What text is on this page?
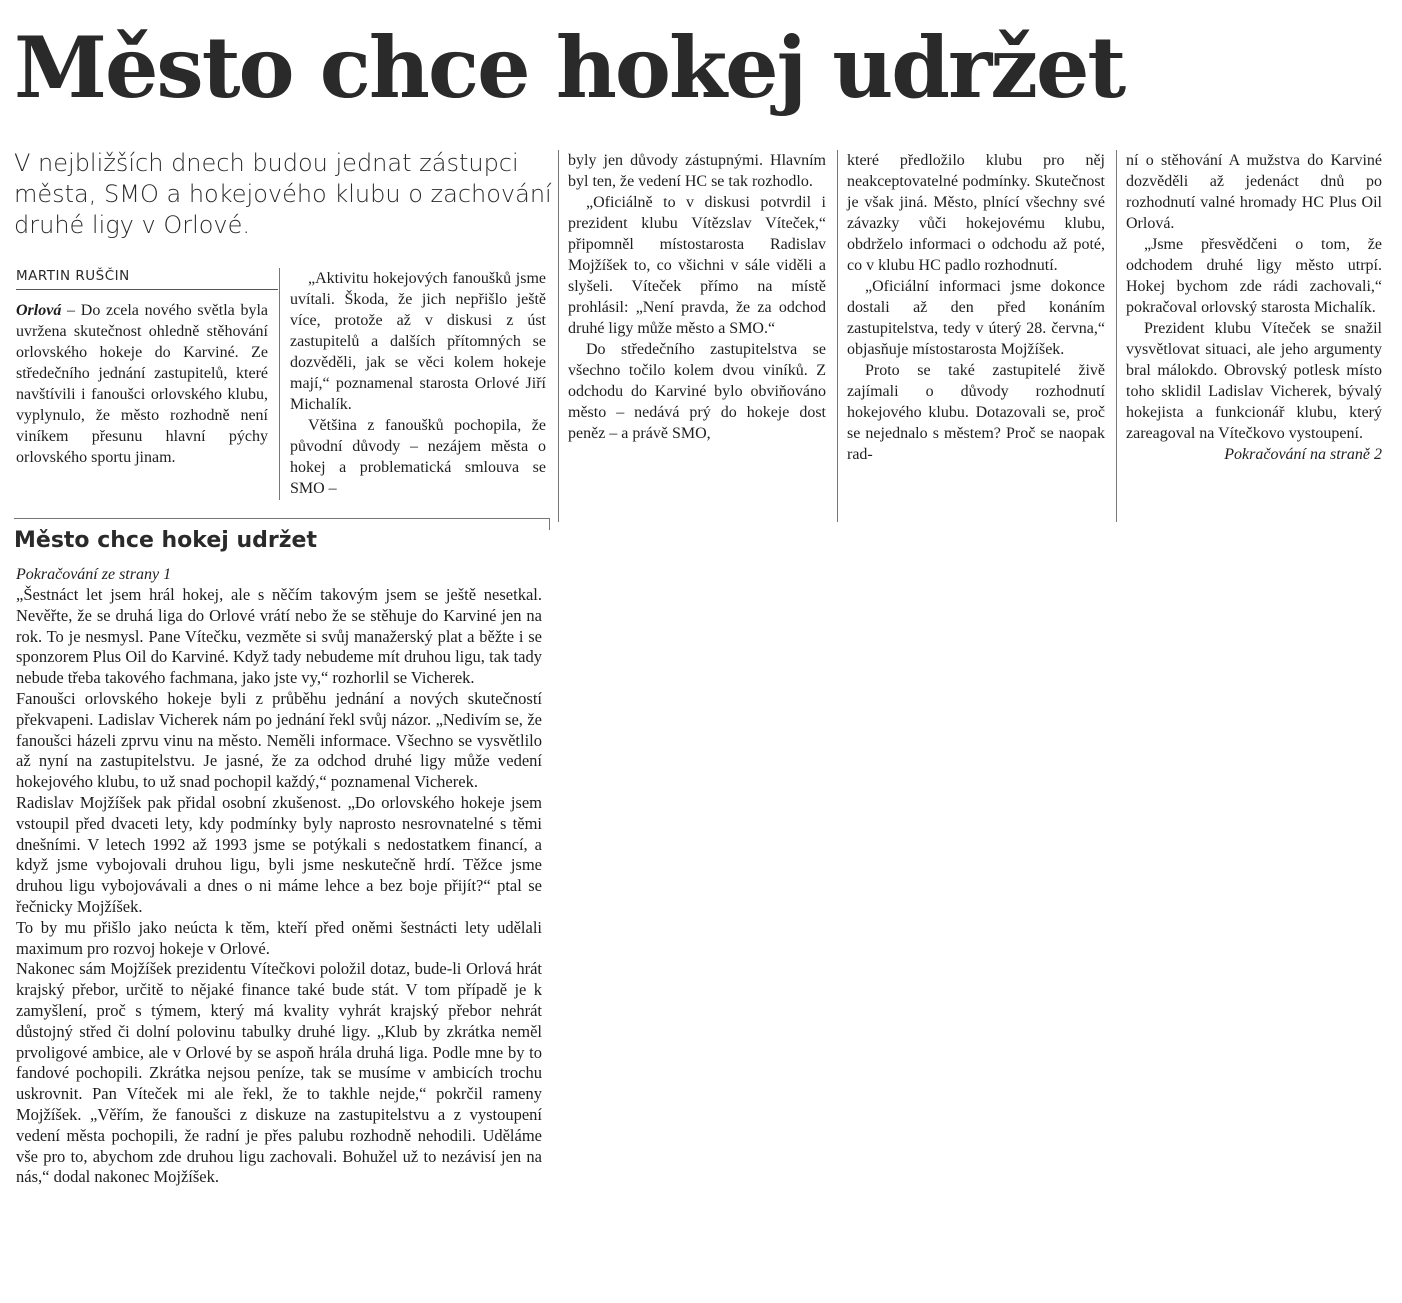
Město chce hokej udržet
V nejbližších dnech budou jednat zástupci města, SMO a hokejového klubu o zachování druhé ligy v Orlové.
MARTIN RUŠČIN

Orlová – Do zcela nového světla byla uvržena skutečnost ohledně stěhování orlovského hokeje do Karviné. Ze středečního jednání zastupitelů, které navštívili i fanoušci orlovského klubu, vyplynulo, že město rozhodně není viníkem přesunu hlavní pýchy orlovského sportu jinam.

„Aktivitu hokejových fanoušků jsme uvítali. Škoda, že jich nepřišlo ještě více, protože až v diskusi z úst zastupitelů a dalších přítomných se dozvěděli, jak se věci kolem hokeje mají,“ poznamenal starosta Orlové Jiří Michalík.

Většina z fanoušků pochopila, že původní důvody – nezájem města o hokej a problematická smlouva se SMO –

byly jen důvody zástupnými. Hlavním byl ten, že vedení HC se tak rozhodlo.

„Oficiálně to v diskusi potvrdil i prezident klubu Vítězslav Víteček,“ připomněl místostarosta Radislav Mojžíšek to, co všichni v sále viděli a slyšeli. Víteček přímo na místě prohlásil: „Není pravda, že za odchod druhé ligy může město a SMO.“

Do středečního zastupitelstva se všechno točilo kolem dvou viníků. Z odchodu do Karviné bylo obviňováno město – nedává prý do hokeje dost peněz – a právě SMO,

které předložilo klubu pro něj neakceptovatelné podmínky. Skutečnost je však jiná. Město, plnící všechny své závazky vůči hokejovému klubu, obdrželo informaci o odchodu až poté, co v klubu HC padlo rozhodnutí.

„Oficiální informaci jsme dokonce dostali až den před konáním zastupitelstva, tedy v úterý 28. června,“ objasňuje místostarosta Mojžíšek.

Proto se také zastupitelé živě zajímali o důvody rozhodnutí hokejového klubu. Dotazovali se, proč se nejednalo s městem? Proč se naopak rad-

ní o stěhování A mužstva do Karviné dozvěděli až jedenáct dnů po rozhodnutí valné hromady HC Plus Oil Orlová.

„Jsme přesvědčeni o tom, že odchodem druhé ligy město utrpí. Hokej bychom zde rádi zachovali,“ pokračoval orlovský starosta Michalík.

Prezident klubu Víteček se snažil vysvětlovat situaci, ale jeho argumenty bral málokdo. Obrovský potlesk místo toho sklidil Ladislav Vicherek, bývalý hokejista a funkcionář klubu, který zareagoval na Vítečkovo vystoupení.

Pokračování na straně 2

Město chce hokej udržet
Pokračování ze strany 1

„Šestnáct let jsem hrál hokej, ale s něčím takovým jsem se ještě nesetkal. Nevěřte, že se druhá liga do Orlové vrátí nebo že se stěhuje do Karviné jen na rok. To je nesmysl. Pane Vítečku, vezměte si svůj manažerský plat a běžte i se sponzorem Plus Oil do Karviné. Když tady nebudeme mít druhou ligu, tak tady nebude třeba takového fachmana, jako jste vy,“ rozhorlil se Vicherek.

Fanoušci orlovského hokeje byli z průběhu jednání a nových skutečností překvapeni. Ladislav Vicherek nám po jednání řekl svůj názor. „Nedivím se, že fanoušci házeli zprvu vinu na město. Neměli informace. Všechno se vysvětlilo až nyní na zastupitelstvu. Je jasné, že za odchod druhé ligy může vedení hokejového klubu, to už snad pochopil každý,“ poznamenal Vicherek.

Radislav Mojžíšek pak přidal osobní zkušenost. „Do orlovského hokeje jsem vstoupil před dvaceti lety, kdy podmínky byly naprosto nesrovnatelné s těmi dnešními. V letech 1992 až 1993 jsme se potýkali s nedostatkem financí, a když jsme vybojovali druhou ligu, byli jsme neskutečně hrdí. Těžce jsme druhou ligu vybojovávali a dnes o ni máme lehce a bez boje přijít?“ ptal se řečnicky Mojžíšek.

To by mu přišlo jako neúcta k těm, kteří před oněmi šestnácti lety udělali maximum pro rozvoj hokeje v Orlové.

Nakonec sám Mojžíšek prezidentu Vítečkovi položil dotaz, bude-li Orlová hrát krajský přebor, určitě to nějaké finance také bude stát. V tom případě je k zamyšlení, proč s týmem, který má kvality vyhrát krajský přebor nehrát důstojný střed či dolní polovinu tabulky druhé ligy. „Klub by zkrátka neměl prvoligové ambice, ale v Orlové by se aspoň hrála druhá liga. Podle mne by to fandové pochopili. Zkrátka nejsou peníze, tak se musíme v ambicích trochu uskrovnit. Pan Víteček mi ale řekl, že to takhle nejde,“ pokrčil rameny Mojžíšek. „Věřím, že fanoušci z diskuze na zastupitelstvu a z vystoupení vedení města pochopili, že radní je přes palubu rozhodně nehodili. Uděláme vše pro to, abychom zde druhou ligu zachovali. Bohužel už to nezávisí jen na nás,“ dodal nakonec Mojžíšek.
